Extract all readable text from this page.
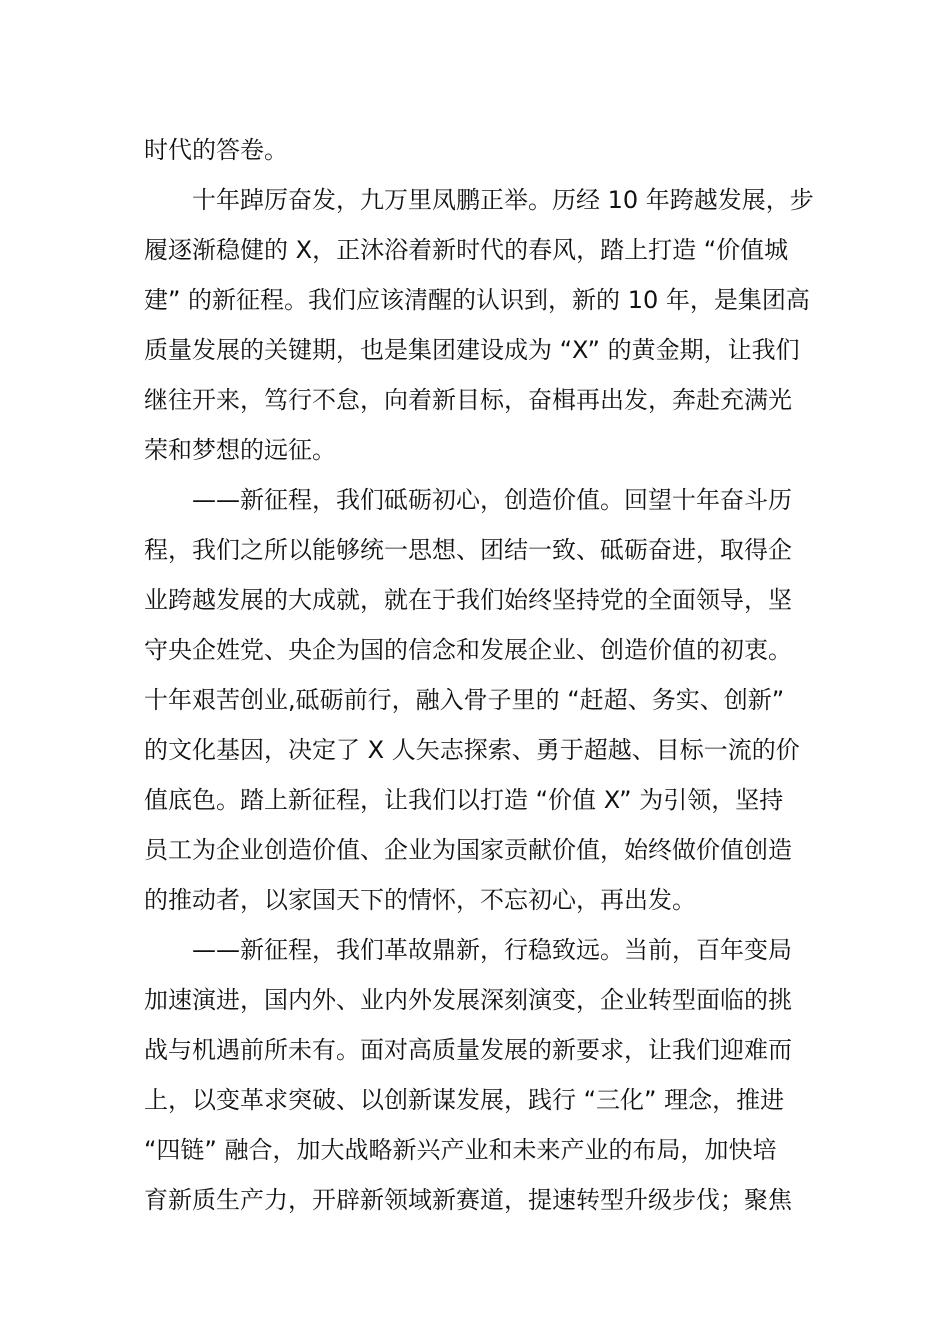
时代的答卷。
十年踔厉奋发，九万里凤鹏正举。历经 10 年跨越发展，步
履逐渐稳健的 X，正沐浴着新时代的春风，踏上打造 “价值城
建” 的新征程。我们应该清醒的认识到，新的 10 年，是集团高
质量发展的关键期，也是集团建设成为 “X” 的黄金期，让我们
继往开来，笃行不怠，向着新目标，奋楫再出发，奔赴充满光
荣和梦想的远征。
——新征程，我们砥砺初心，创造价值。回望十年奋斗历
程，我们之所以能够统一思想、团结一致、砥砺奋进，取得企
业跨越发展的大成就，就在于我们始终坚持党的全面领导，坚
守央企姓党、央企为国的信念和发展企业、创造价值的初衷。
十年艰苦创业,砥砺前行，融入骨子里的 “赶超、务实、创新”
的文化基因，决定了 X 人矢志探索、勇于超越、目标一流的价
值底色。踏上新征程，让我们以打造 “价值 X” 为引领，坚持
员工为企业创造价值、企业为国家贡献价值，始终做价值创造
的推动者，以家国天下的情怀，不忘初心，再出发。
——新征程，我们革故鼎新，行稳致远。当前，百年变局
加速演进，国内外、业内外发展深刻演变，企业转型面临的挑
战与机遇前所未有。面对高质量发展的新要求，让我们迎难而
上，以变革求突破、以创新谋发展，践行 “三化” 理念，推进
“四链” 融合，加大战略新兴产业和未来产业的布局，加快培
育新质生产力，开辟新领域新赛道，提速转型升级步伐；聚焦
